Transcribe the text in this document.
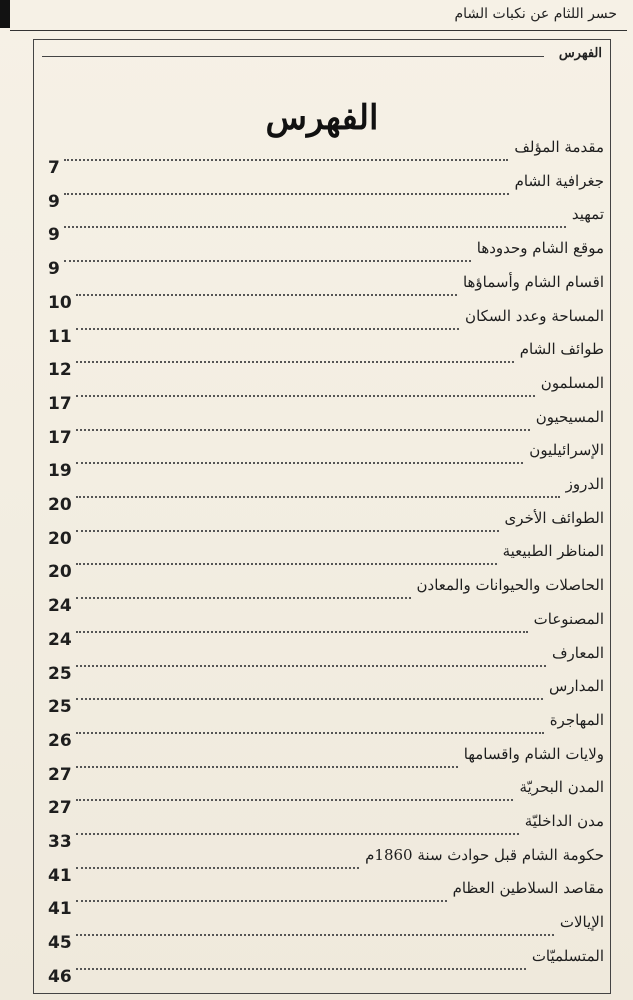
حسر اللثام عن نكبات الشام
الفهرس
الفهرس
مقدمة المؤلف
7
جغرافية الشام
9
تمهيد
9
موقع الشام وحدودها
9
اقسام الشام وأسماؤها
10
المساحة وعدد السكان
11
طوائف الشام
12
المسلمون
17
المسيحيون
17
الإسرائيليون
19
الدروز
20
الطوائف الأخرى
20
المناظر الطبيعية
20
الحاصلات والحيوانات والمعادن
24
المصنوعات
24
المعارف
25
المدارس
25
المهاجرة
26
ولايات الشام واقسامها
27
المدن البحريّة
27
مدن الداخليّة
33
حكومة الشام قبل حوادث سنة 1860م
41
مقاصد السلاطين العظام
41
الإيالات
45
المتسلميّات
46
